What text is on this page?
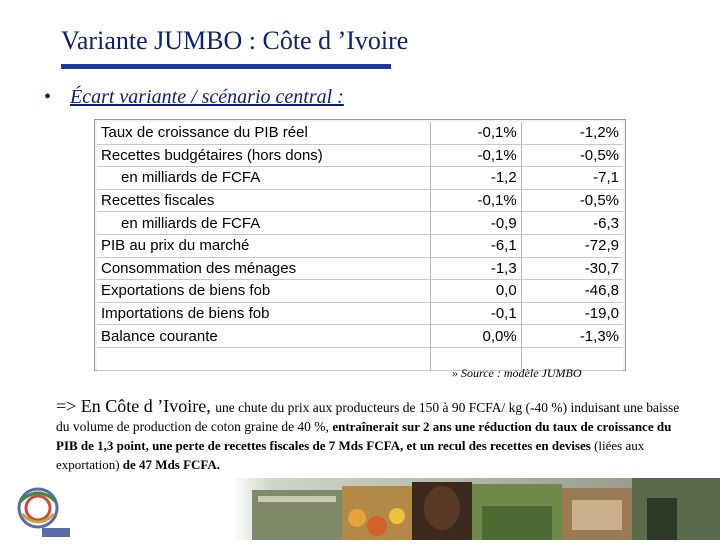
Variante JUMBO : Côte d ’Ivoire
• Écart variante / scénario central :
Taux de croissance du PIB réel	-0,1%	-1,2%
Recettes budgétaires (hors dons)	-0,1%	-0,5%
en milliards de FCFA	-1,2	-7,1
Recettes fiscales	-0,1%	-0,5%
en milliards de FCFA	-0,9	-6,3
PIB au prix du marché	-6,1	-72,9
Consommation des ménages	-1,3	-30,7
Exportations de biens fob	0,0	-46,8
Importations de biens fob	-0,1	-19,0
Balance courante	0,0%	-1,3%

» Source : modèle JUMBO
=> En Côte d ’Ivoire, une chute du prix aux producteurs de 150 à 90 FCFA/ kg (-40 %) induisant une baisse du volume de production de coton graine de 40 %, entraînerait sur 2 ans une réduction du taux de croissance du PIB de 1,3 point, une perte de recettes fiscales de 7 Mds FCFA, et un recul des recettes en devises (liées aux exportation) de 47 Mds FCFA.
